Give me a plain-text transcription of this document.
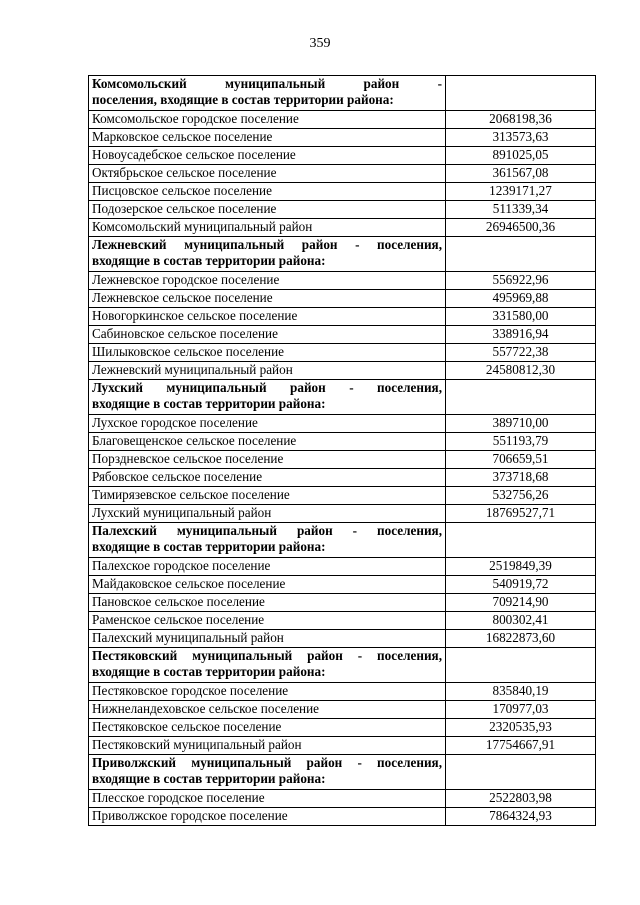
359
Комсомольский муниципальный район -
поселения, входящие в состав территории района:	

Комсомольское городское поселение	2068198,36
Марковское сельское поселение	313573,63
Новоусадебское сельское поселение	891025,05
Октябрьское сельское поселение	361567,08
Писцовское сельское поселение	1239171,27
Подозерское сельское поселение	511339,34
Комсомольский муниципальный район	26946500,36
Лежневский муниципальный район - поселения,
входящие в состав территории района:	

Лежневское городское поселение	556922,96
Лежневское сельское поселение	495969,88
Новогоркинское сельское поселение	331580,00
Сабиновское сельское поселение	338916,94
Шилыковское сельское поселение	557722,38
Лежневский муниципальный район	24580812,30
Лухский муниципальный район - поселения,
входящие в состав территории района:	

Лухское городское поселение	389710,00
Благовещенское сельское поселение	551193,79
Порздневское сельское поселение	706659,51
Рябовское сельское поселение	373718,68
Тимирязевское сельское поселение	532756,26
Лухский муниципальный район	18769527,71
Палехский муниципальный район - поселения,
входящие в состав территории района:	

Палехское городское поселение	2519849,39
Майдаковское сельское поселение	540919,72
Пановское сельское поселение	709214,90
Раменское сельское поселение	800302,41
Палехский муниципальный район	16822873,60
Пестяковский муниципальный район - поселения,
входящие в состав территории района:	

Пестяковское городское поселение	835840,19
Нижнеландеховское сельское поселение	170977,03
Пестяковское сельское поселение	2320535,93
Пестяковский муниципальный район	17754667,91
Приволжский муниципальный район - поселения,
входящие в состав территории района:	

Плесское городское поселение	2522803,98
Приволжское городское поселение	7864324,93
